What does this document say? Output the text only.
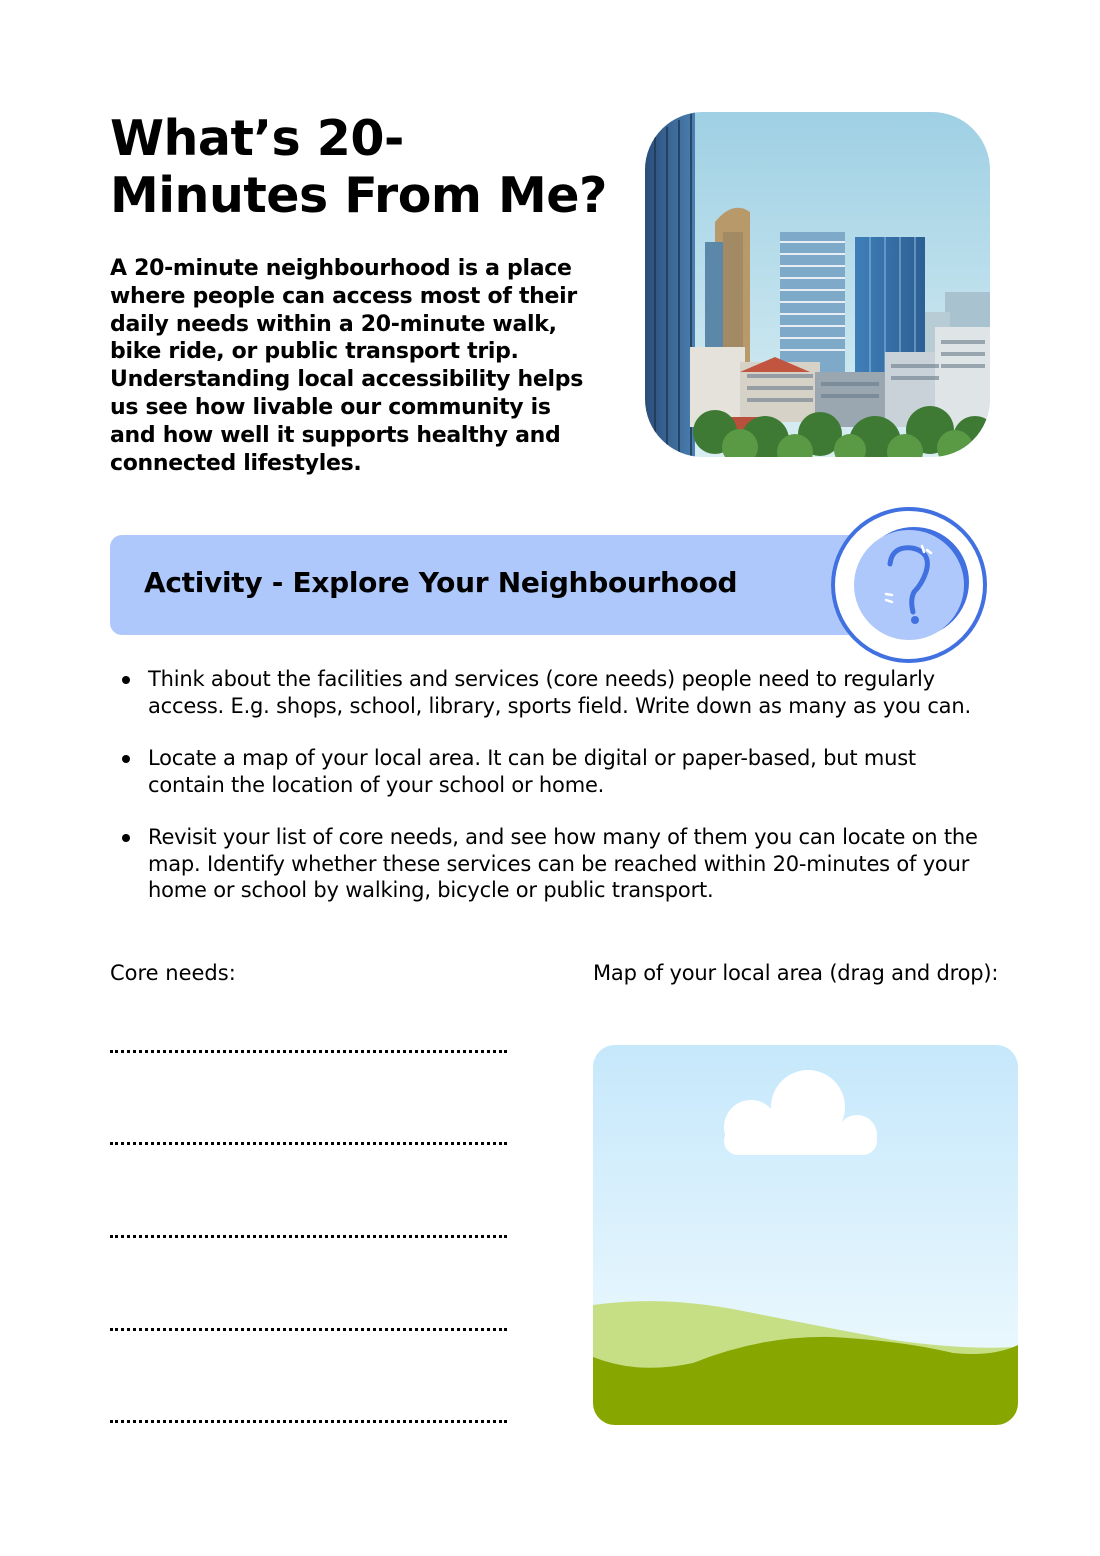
What’s 20-Minutes From Me?

A 20-minute neighbourhood is a place where people can access most of their daily needs within a 20-minute walk, bike ride, or public transport trip. Understanding local accessibility helps us see how livable our community is and how well it supports healthy and connected lifestyles.

Activity - Explore Your Neighbourhood
Think about the facilities and services (core needs) people need to regularly access. E.g. shops, school, library, sports field. Write down as many as you can.
Locate a map of your local area. It can be digital or paper-based, but must contain the location of your school or home.
Revisit your list of core needs, and see how many of them you can locate on the map. Identify whether these services can be reached within 20-minutes of your home or school by walking, bicycle or public transport.
Core needs:	Map of your local area (drag and drop):
